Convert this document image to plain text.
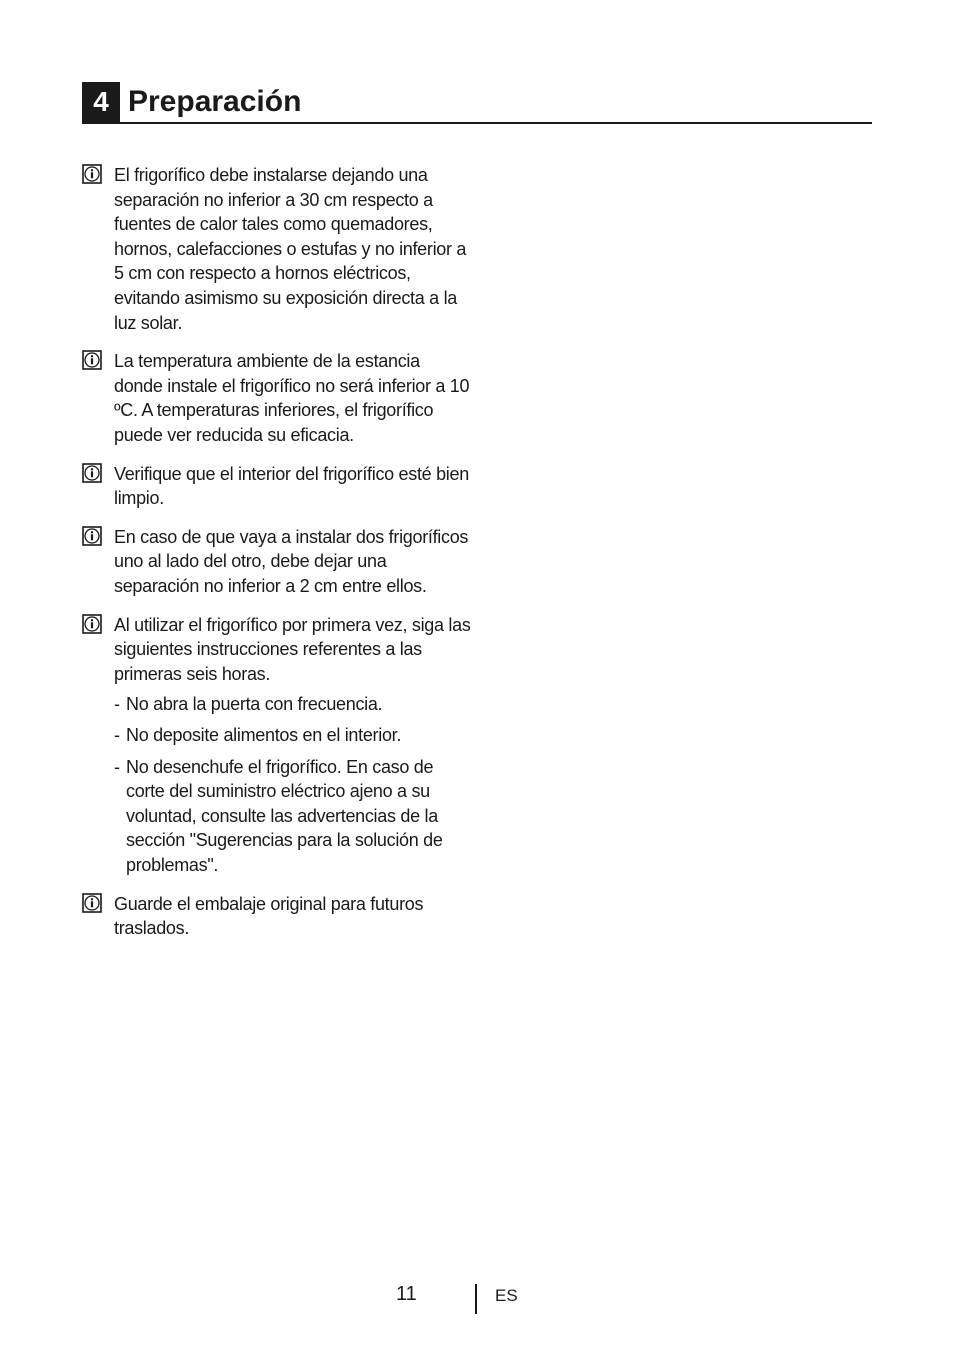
4 Preparación

El frigorífico debe instalarse dejando una separación no inferior a 30 cm respecto a fuentes de calor tales como quemadores, hornos, calefacciones o estufas y no inferior a 5 cm con respecto a hornos eléctricos, evitando asimismo su exposición directa a la luz solar.

La temperatura ambiente de la estancia donde instale el frigorífico no será inferior a 10 ºC. A temperaturas inferiores, el frigorífico puede ver reducida su eficacia.

Verifique que el interior del frigorífico esté bien limpio.

En caso de que vaya a instalar dos frigoríficos uno al lado del otro, debe dejar una separación no inferior a 2 cm entre ellos.

Al utilizar el frigorífico por primera vez, siga las siguientes instrucciones referentes a las primeras seis horas.

- No abra la puerta con frecuencia.
- No deposite alimentos en el interior.
- No desenchufe el frigorífico. En caso de corte del suministro eléctrico ajeno a su voluntad, consulte las advertencias de la sección "Sugerencias para la solución de problemas".

Guarde el embalaje original para futuros traslados.

11	ES
